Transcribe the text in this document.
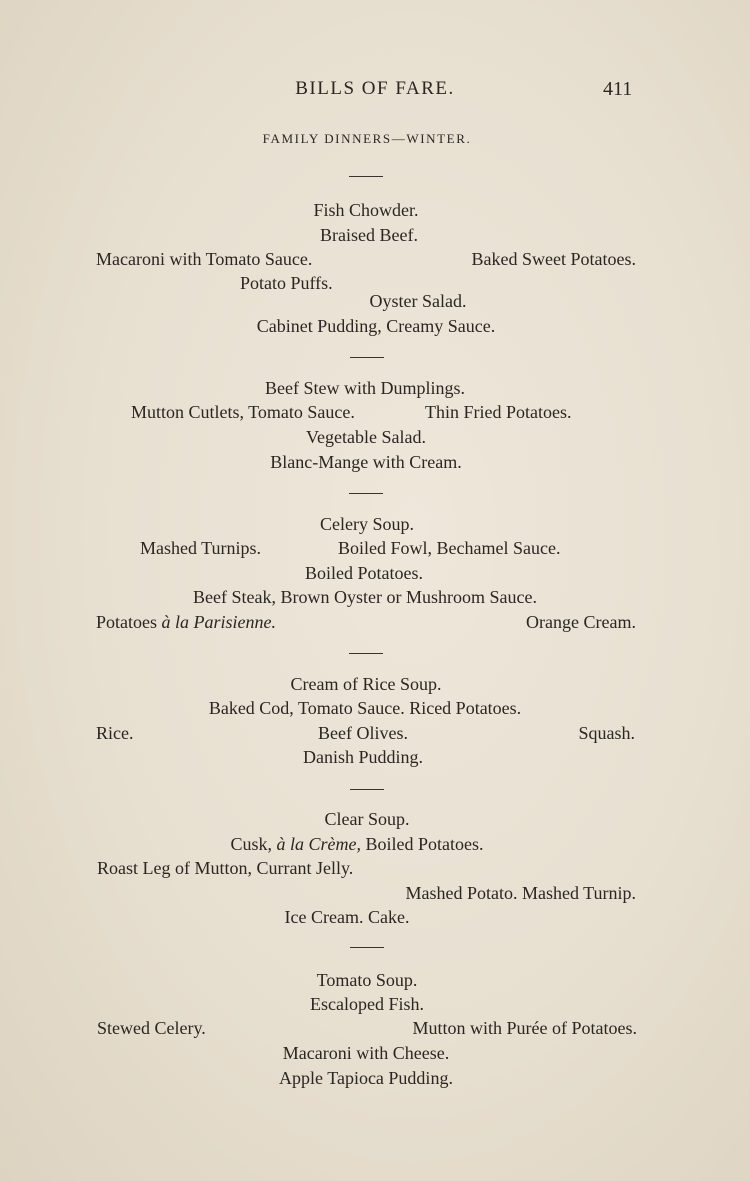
BILLS OF FARE.	411
FAMILY DINNERS—WINTER.
Fish Chowder.
Braised Beef.
Macaroni with Tomato Sauce.	Baked Sweet Potatoes.
Potato Puffs.
Oyster Salad.
Cabinet Pudding, Creamy Sauce.
Beef Stew with Dumplings.
Mutton Cutlets, Tomato Sauce.	Thin Fried Potatoes.
Vegetable Salad.
Blanc-Mange with Cream.
Celery Soup.
Mashed Turnips.	Boiled Fowl, Bechamel Sauce.
Boiled Potatoes.
Beef Steak, Brown Oyster or Mushroom Sauce.
Potatoes à la Parisienne.	Orange Cream.
Cream of Rice Soup.
Baked Cod, Tomato Sauce. Riced Potatoes.
Rice.	Beef Olives.	Squash.
Danish Pudding.
Clear Soup.
Cusk, à la Crème, Boiled Potatoes.
Roast Leg of Mutton, Currant Jelly.
Mashed Potato. Mashed Turnip.
Ice Cream. Cake.
Tomato Soup.
Escaloped Fish.
Stewed Celery.	Mutton with Purée of Potatoes.
Macaroni with Cheese.
Apple Tapioca Pudding.
